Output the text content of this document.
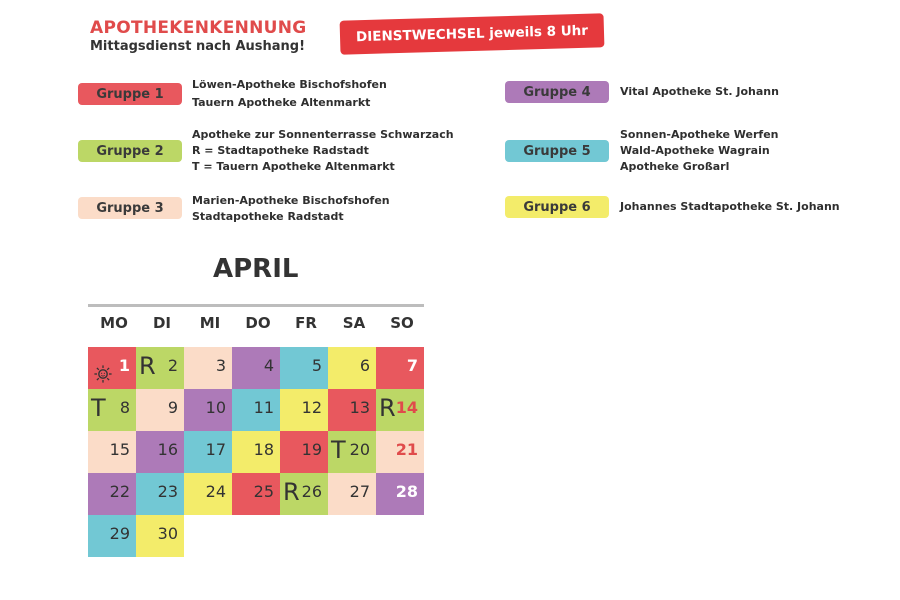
APOTHEKENKENNUNG
Mittagsdienst nach Aushang!
DIENSTWECHSEL jeweils 8 Uhr
Gruppe 1
Löwen-Apotheke Bischofshofen
Tauern Apotheke Altenmarkt
Gruppe 2
Apotheke zur Sonnenterrasse Schwarzach
R = Stadtapotheke Radstadt
T = Tauern Apotheke Altenmarkt
Gruppe 3	Marien-Apotheke Bischofshofen
Stadtapotheke Radstadt
Gruppe 4	Vital Apotheke St. Johann
Gruppe 5
Sonnen-Apotheke Werfen
Wald-Apotheke Wagrain
Apotheke Großarl
Gruppe 6	Johannes Stadtapotheke St. Johann
APRIL
MO	DI	MI	DO	FR	SA	SO
1 R 2 3 4 5 6 7
T 8 9 10 11 12 13 R 14
15 16 17 18 19 T 20 21
22 23 24 25 R 26 27 28
29 30
